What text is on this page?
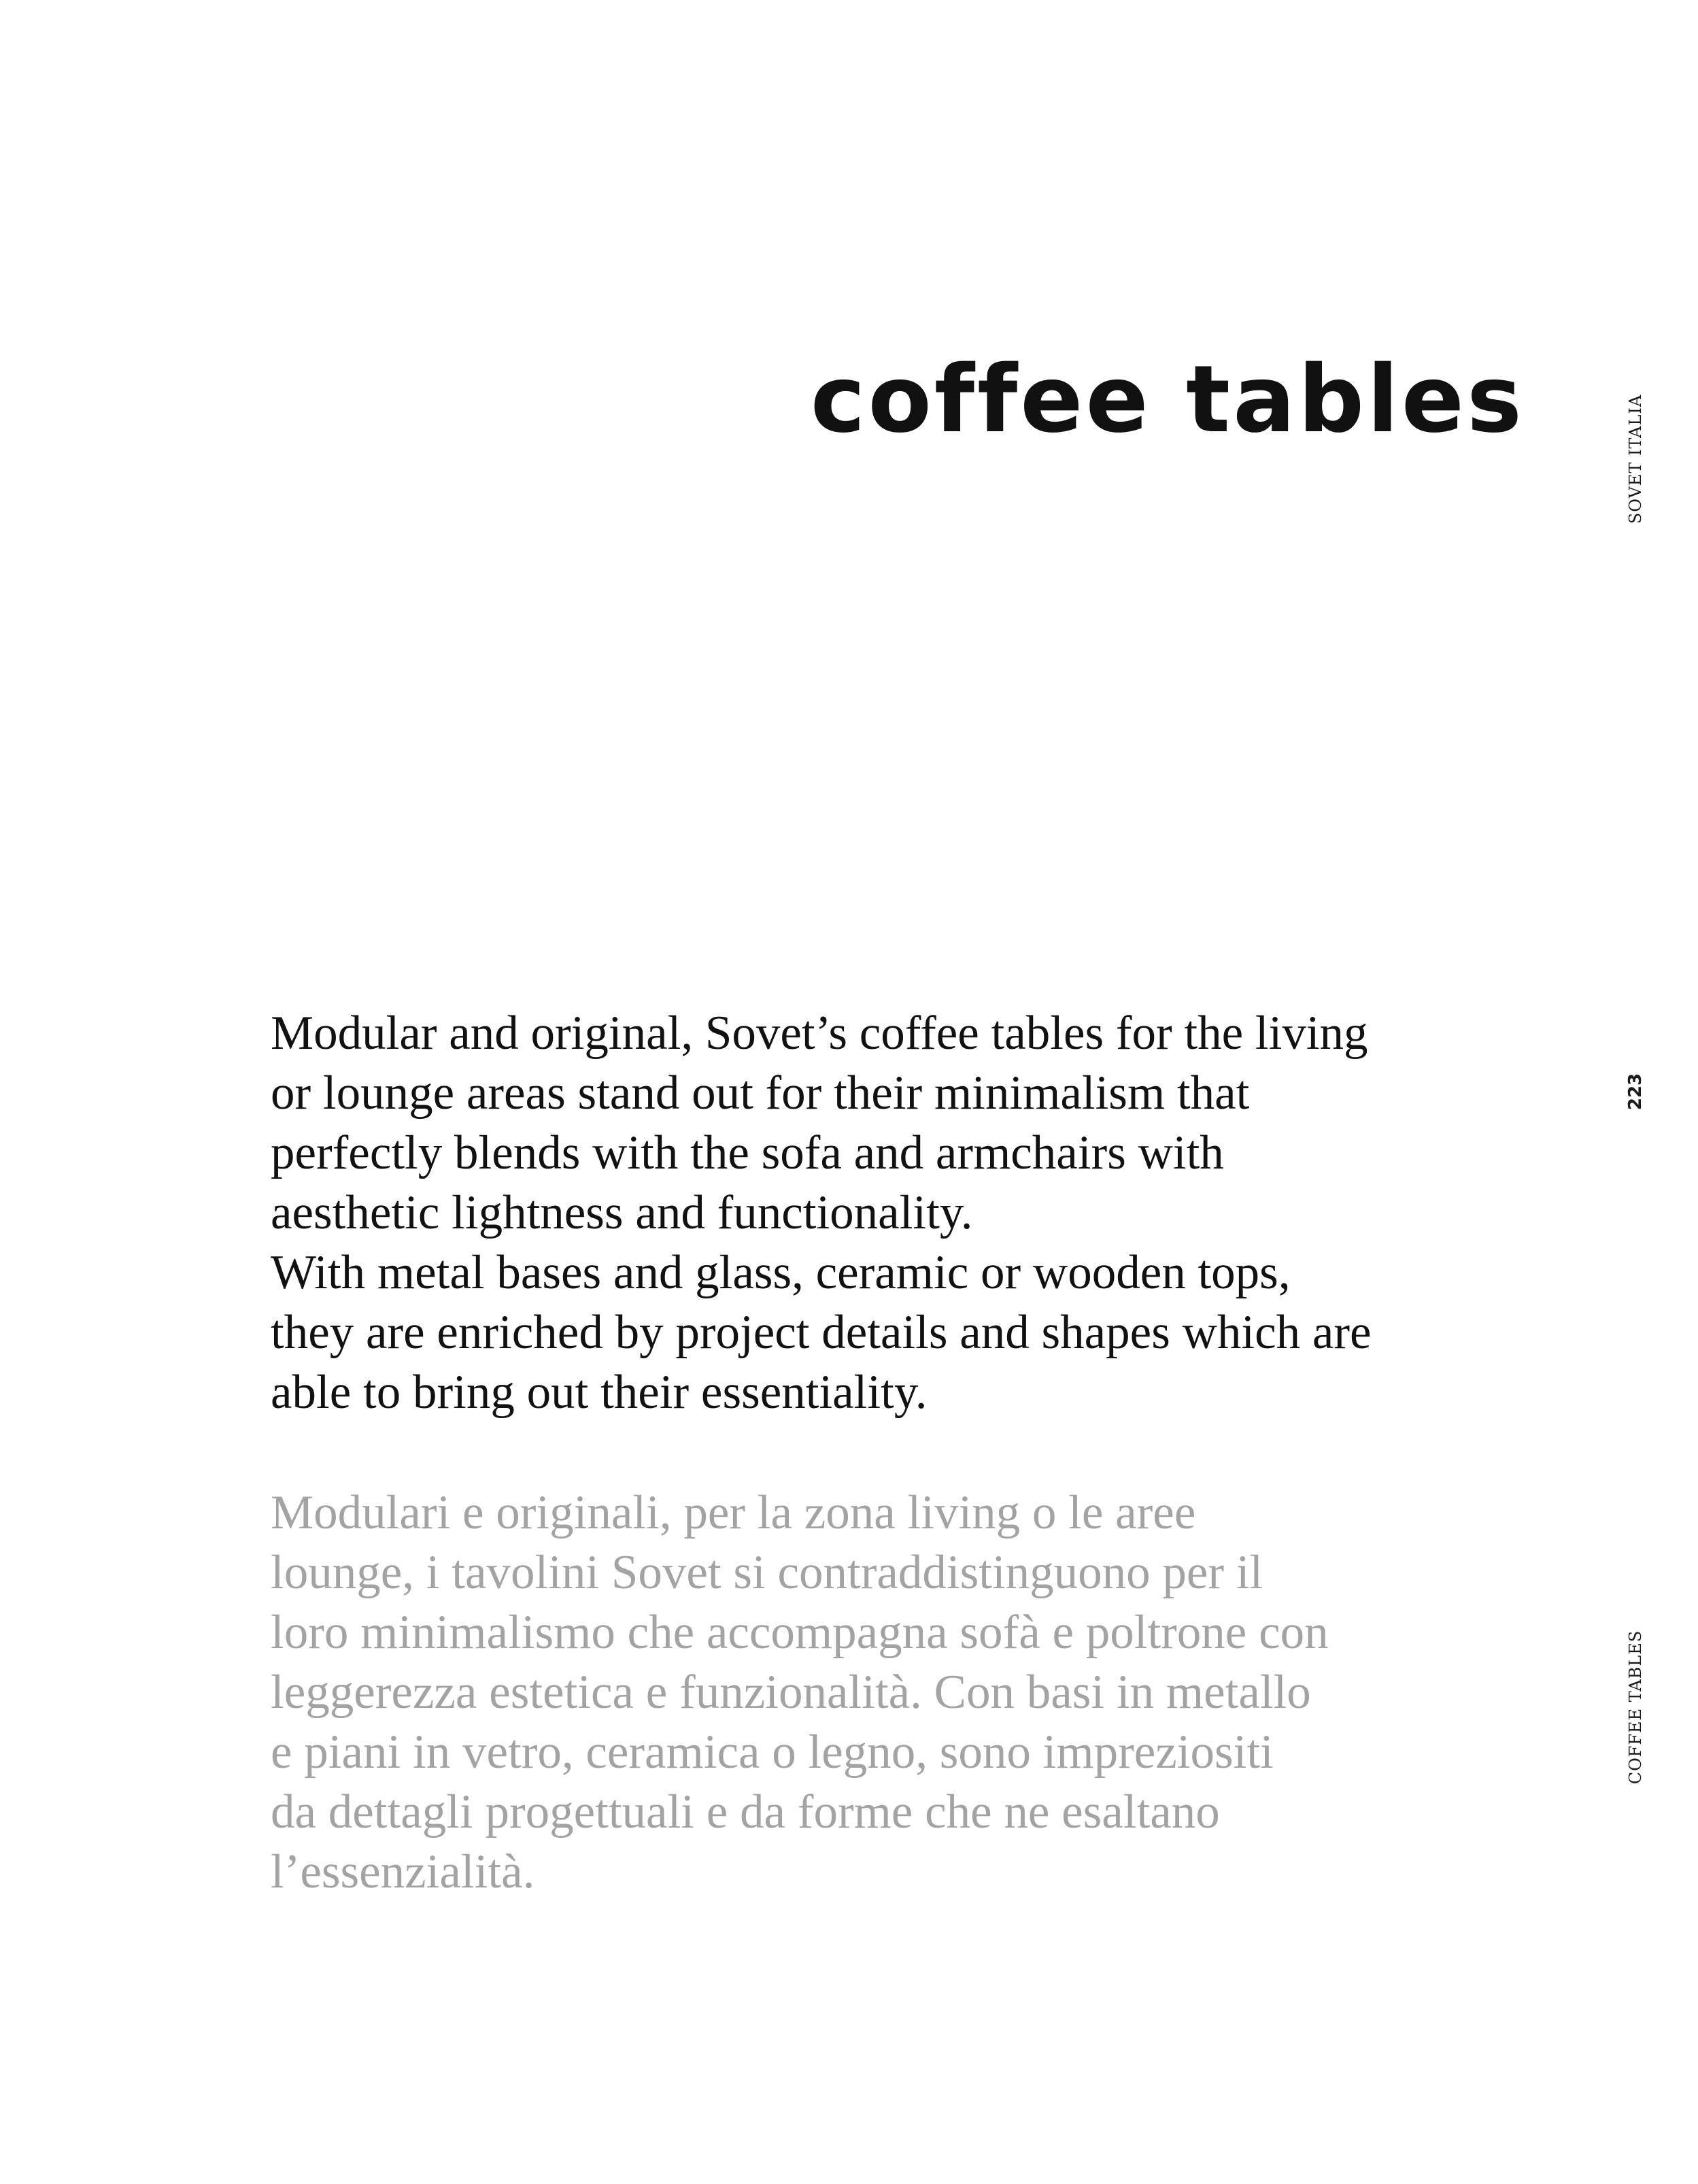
coffee tables	SOVET ITALIA
223
COFFEE TABLES
Modular and original, Sovet’s coffee tables for the living
or lounge areas stand out for their minimalism that
perfectly blends with the sofa and armchairs with
aesthetic lightness and functionality.
With metal bases and glass, ceramic or wooden tops,
they are enriched by project details and shapes which are
able to bring out their essentiality.
Modulari e originali, per la zona living o le aree
lounge, i tavolini Sovet si contraddistinguono per il
loro minimalismo che accompagna sofà e poltrone con
leggerezza estetica e funzionalità. Con basi in metallo
e piani in vetro, ceramica o legno, sono impreziositi
da dettagli progettuali e da forme che ne esaltano
l’essenzialità.
